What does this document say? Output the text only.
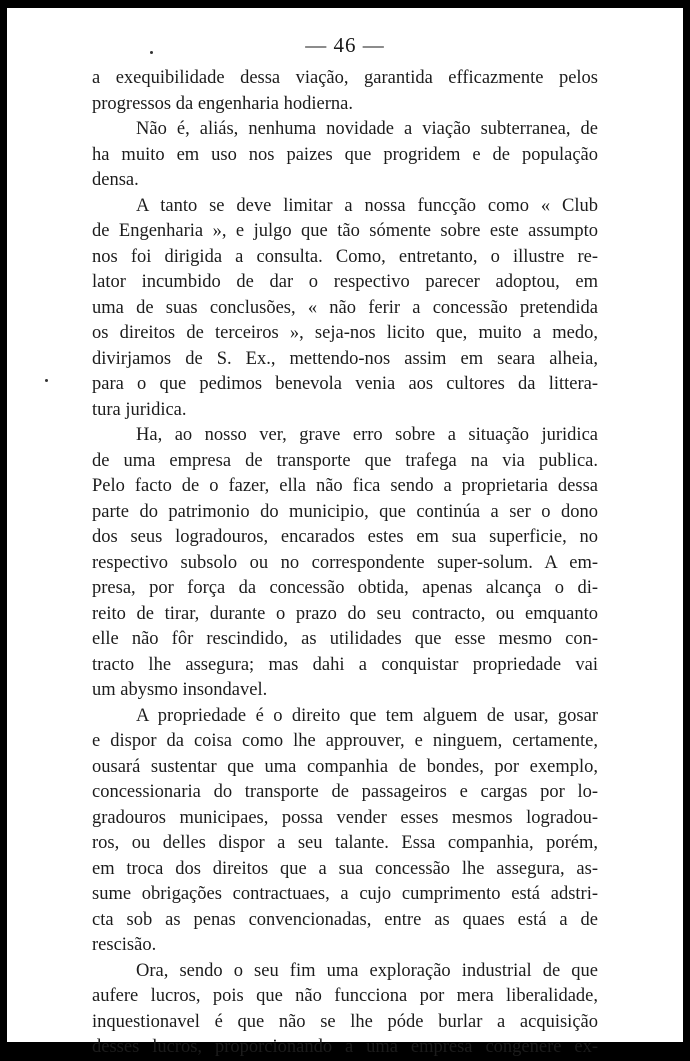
— 46 —
a exequibilidade dessa viação, garantida efficazmente pelos
progressos da engenharia hodierna.
Não é, aliás, nenhuma novidade a viação subterranea, de
ha muito em uso nos paizes que progridem e de população
densa.
A tanto se deve limitar a nossa funcção como « Club
de Engenharia », e julgo que tão sómente sobre este assumpto
nos foi dirigida a consulta. Como, entretanto, o illustre re-
lator incumbido de dar o respectivo parecer adoptou, em
uma de suas conclusões, « não ferir a concessão pretendida
os direitos de terceiros », seja-nos licito que, muito a medo,
divirjamos de S. Ex., mettendo-nos assim em seara alheia,
para o que pedimos benevola venia aos cultores da littera-
tura juridica.
Ha, ao nosso ver, grave erro sobre a situação juridica
de uma empresa de transporte que trafega na via publica.
Pelo facto de o fazer, ella não fica sendo a proprietaria dessa
parte do patrimonio do municipio, que continúa a ser o dono
dos seus logradouros, encarados estes em sua superficie, no
respectivo subsolo ou no correspondente super-solum. A em-
presa, por força da concessão obtida, apenas alcança o di-
reito de tirar, durante o prazo do seu contracto, ou emquanto
elle não fôr rescindido, as utilidades que esse mesmo con-
tracto lhe assegura; mas dahi a conquistar propriedade vai
um abysmo insondavel.
A propriedade é o direito que tem alguem de usar, gosar
e dispor da coisa como lhe approuver, e ninguem, certamente,
ousará sustentar que uma companhia de bondes, por exemplo,
concessionaria do transporte de passageiros e cargas por lo-
gradouros municipaes, possa vender esses mesmos logradou-
ros, ou delles dispor a seu talante. Essa companhia, porém,
em troca dos direitos que a sua concessão lhe assegura, as-
sume obrigações contractuaes, a cujo cumprimento está adstri-
cta sob as penas convencionadas, entre as quaes está a de
rescisão.
Ora, sendo o seu fim uma exploração industrial de que
aufere lucros, pois que não funcciona por mera liberalidade,
inquestionavel é que não se lhe póde burlar a acquisição
desses lucros, proporcionando a uma empresa congenere ex-
